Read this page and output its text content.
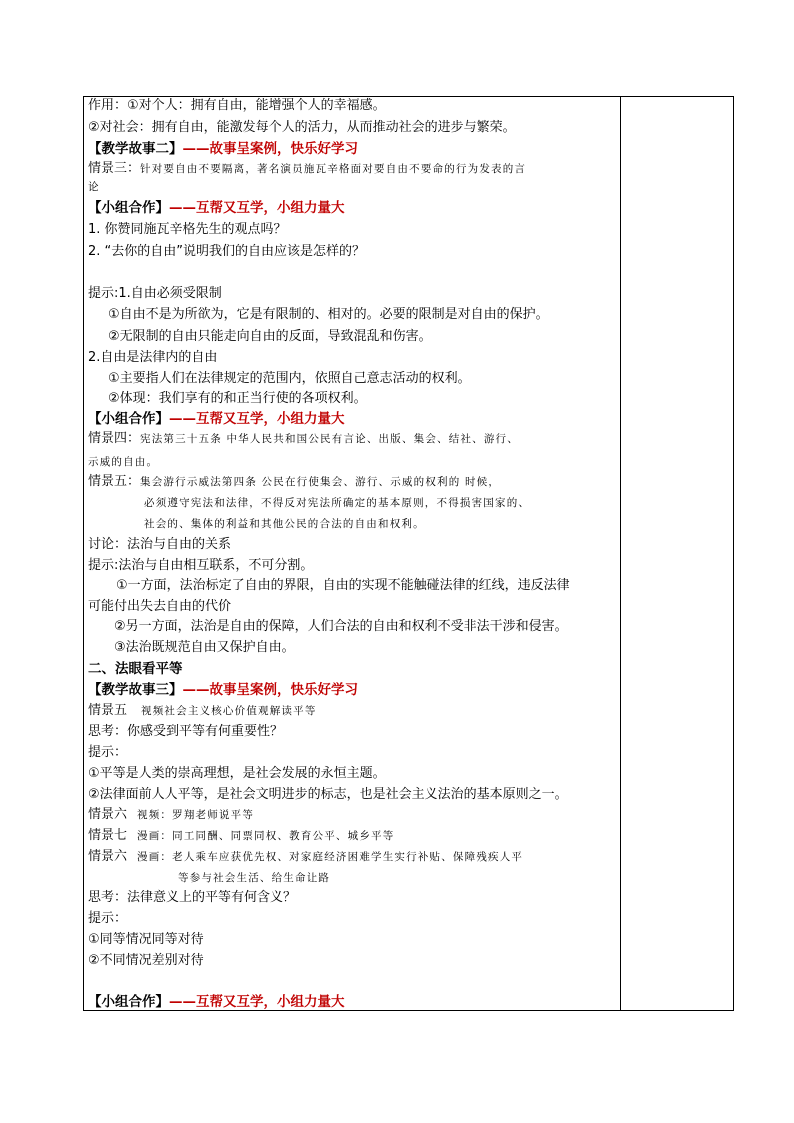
作用：①对个人：拥有自由，能增强个人的幸福感。
②对社会：拥有自由，能激发每个人的活力，从而推动社会的进步与繁荣。
【教学故事二】——故事呈案例，快乐好学习
情景三：针对要自由不要隔离，著名演员施瓦辛格面对要自由不要命的行为发表的言
论
【小组合作】——互帮又互学，小组力量大
1. 你赞同施瓦辛格先生的观点吗？
2. “去你的自由”说明我们的自由应该是怎样的？
提示:1.自由必须受限制
①自由不是为所欲为，它是有限制的、相对的。必要的限制是对自由的保护。
②无限制的自由只能走向自由的反面，导致混乱和伤害。
2.自由是法律内的自由
①主要指人们在法律规定的范围内，依照自己意志活动的权利。
②体现：我们享有的和正当行使的各项权利。
【小组合作】——互帮又互学，小组力量大
情景四：宪法第三十五条 中华人民共和国公民有言论、出版、集会、结社、游行、
示威的自由。
情景五：集会游行示威法第四条 公民在行使集会、游行、示威的权利的 时候，
必须遵守宪法和法律，不得反对宪法所确定的基本原则，不得损害国家的、
社会的、集体的利益和其他公民的合法的自由和权利。
讨论：法治与自由的关系
提示:法治与自由相互联系，不可分割。
①一方面，法治标定了自由的界限，自由的实现不能触碰法律的红线，违反法律
可能付出失去自由的代价
②另一方面，法治是自由的保障，人们合法的自由和权利不受非法干涉和侵害。
③法治既规范自由又保护自由。
二、法眼看平等
【教学故事三】——故事呈案例，快乐好学习
情景五 视频社会主义核心价值观解读平等
思考：你感受到平等有何重要性？
提示：
①平等是人类的崇高理想，是社会发展的永恒主题。
②法律面前人人平等，是社会文明进步的标志，也是社会主义法治的基本原则之一。
情景六 视频：罗翔老师说平等
情景七 漫画：同工同酬、同票同权、教育公平、城乡平等
情景六 漫画：老人乘车应获优先权、对家庭经济困难学生实行补贴、保障残疾人平
等参与社会生活、给生命让路
思考：法律意义上的平等有何含义？
提示：
①同等情况同等对待
②不同情况差别对待
【小组合作】——互帮又互学，小组力量大
